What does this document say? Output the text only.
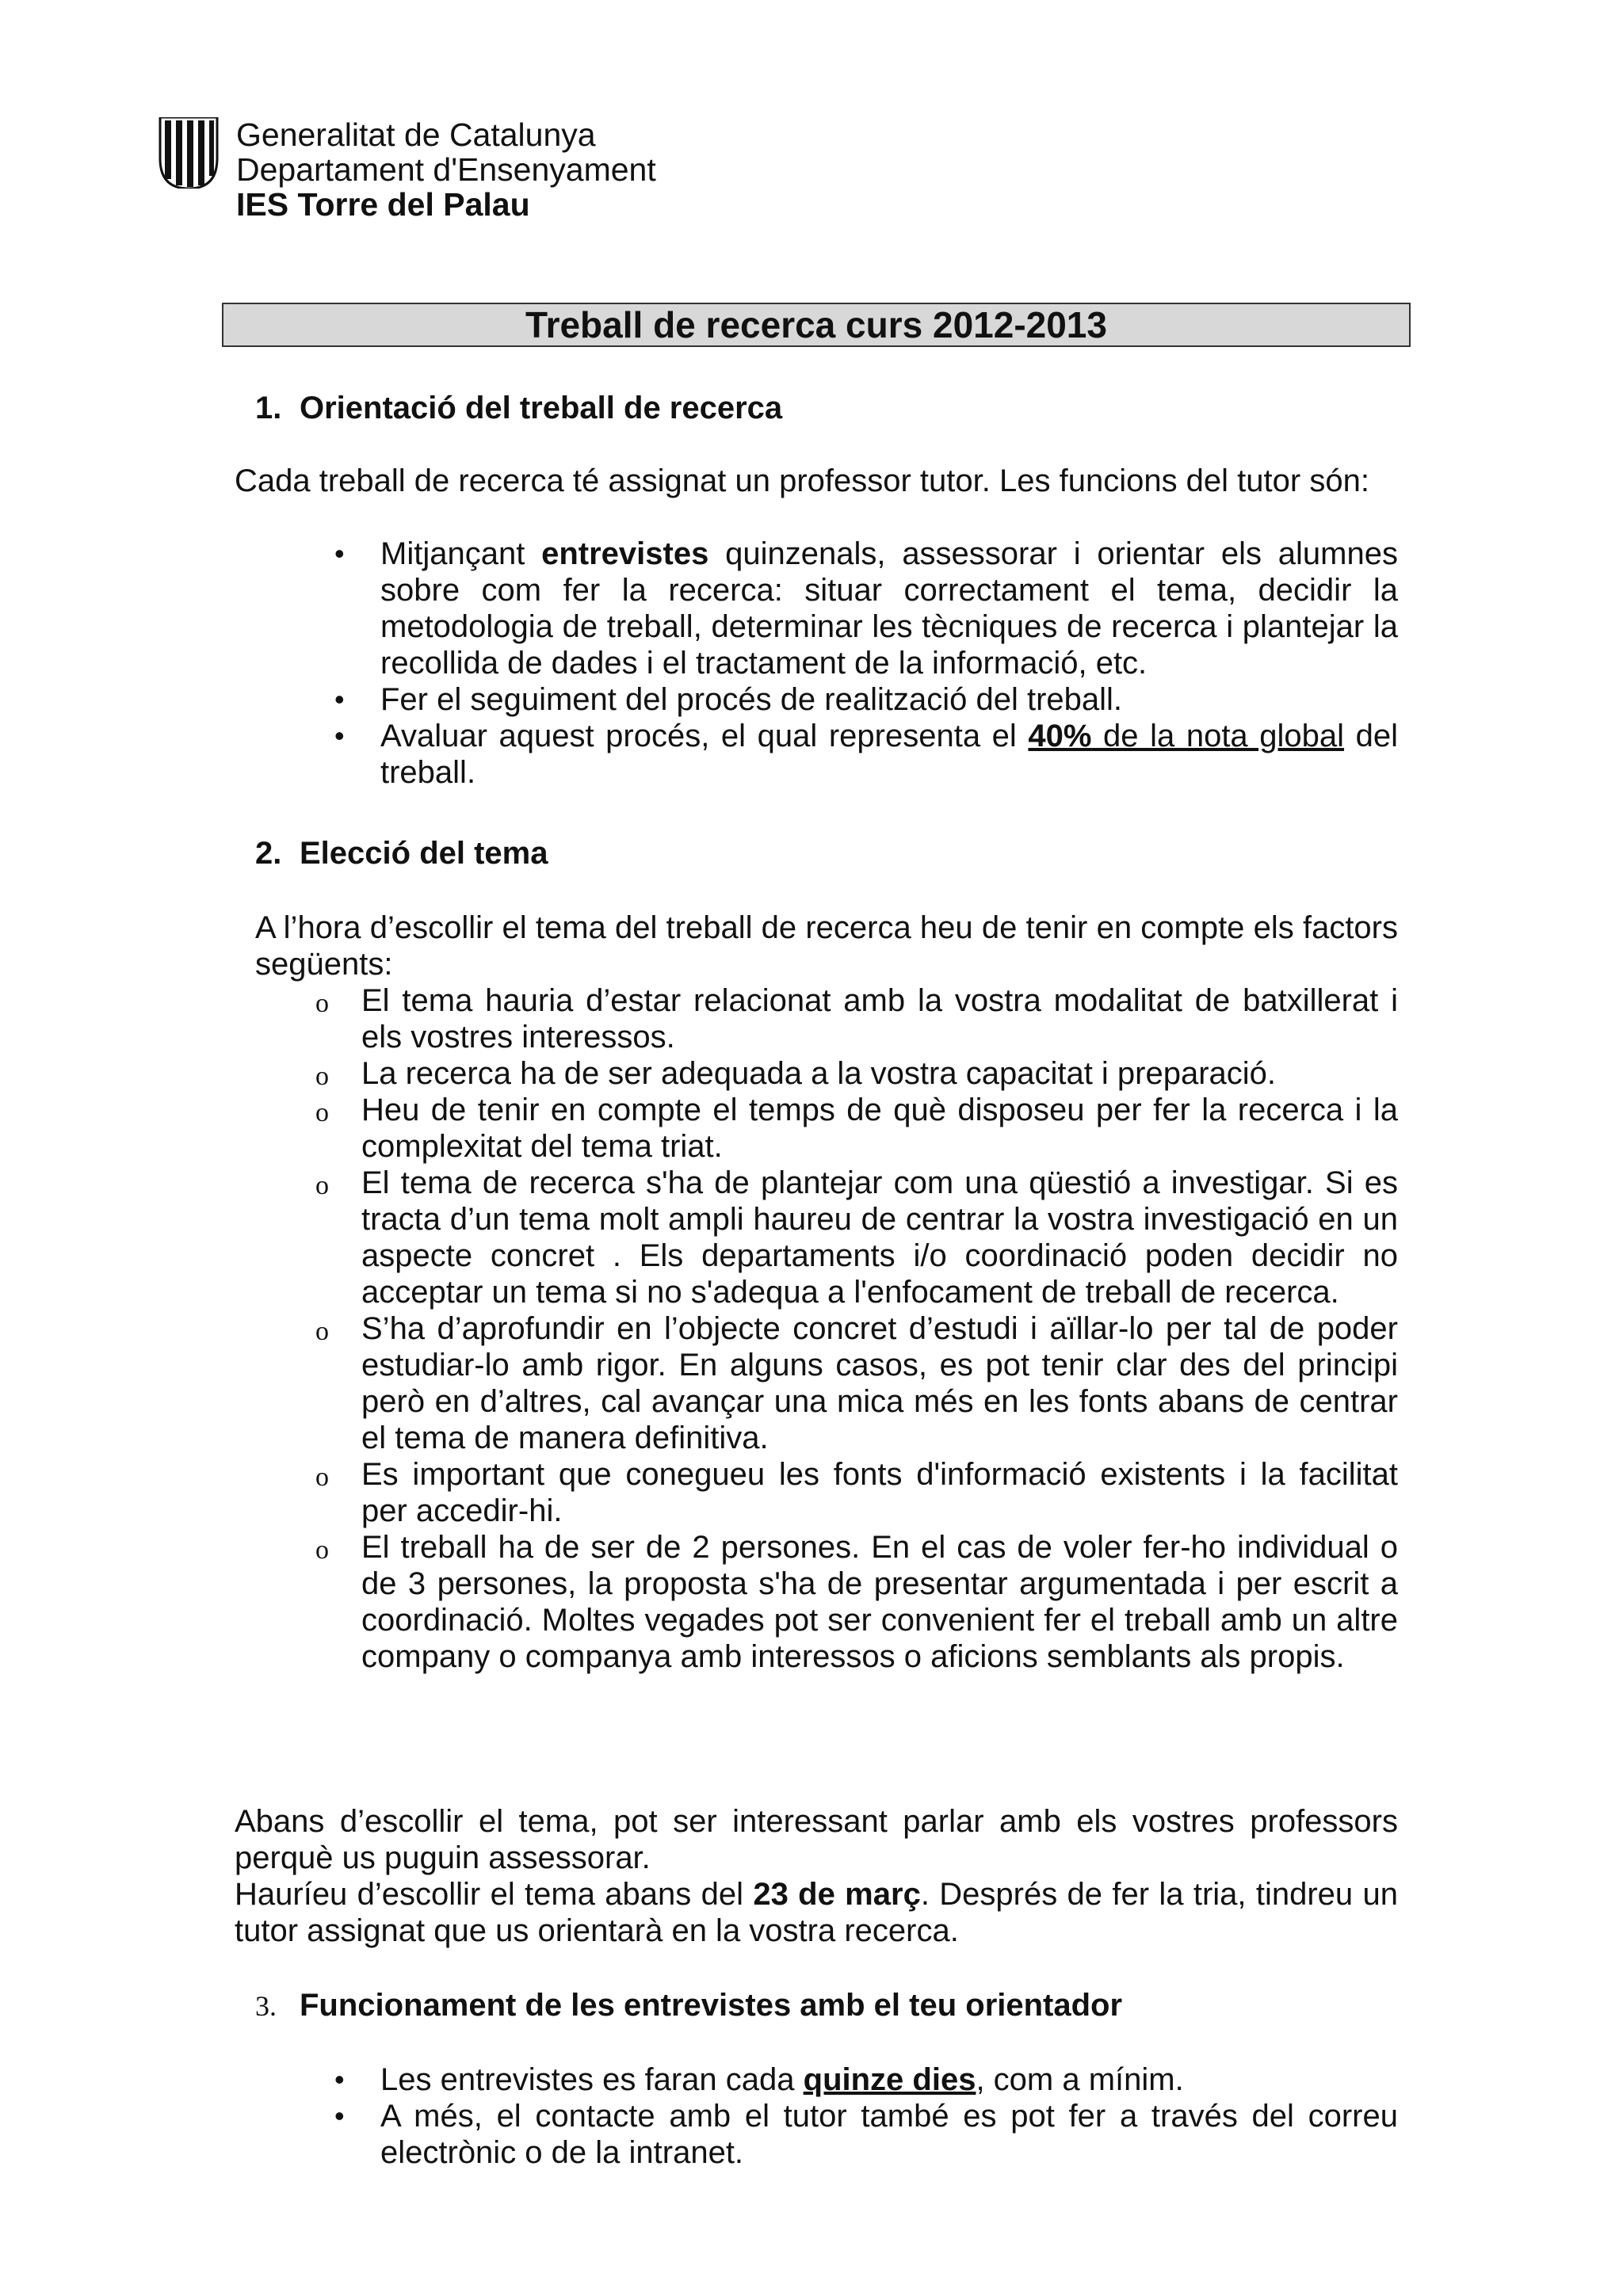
Generalitat de Catalunya
Departament d'Ensenyament
IES Torre del Palau
Treball de recerca curs 2012-2013
1. Orientació del treball de recerca
Cada treball de recerca té assignat un professor tutor. Les funcions del tutor són:
• Mitjançant entrevistes quinzenals, assessorar i orientar els alumnes sobre com fer la recerca: situar correctament el tema, decidir la metodologia de treball, determinar les tècniques de recerca i plantejar la recollida de dades i el tractament de la informació, etc.
• Fer el seguiment del procés de realització del treball.
• Avaluar aquest procés, el qual representa el 40% de la nota global del treball.
2. Elecció del tema
A l’hora d’escollir el tema del treball de recerca heu de tenir en compte els factors següents:
o El tema hauria d’estar relacionat amb la vostra modalitat de batxillerat i els vostres interessos.
o La recerca ha de ser adequada a la vostra capacitat i preparació.
o Heu de tenir en compte el temps de què disposeu per fer la recerca i la complexitat del tema triat.
o El tema de recerca s'ha de plantejar com una qüestió a investigar. Si es tracta d’un tema molt ampli haureu de centrar la vostra investigació en un aspecte concret . Els departaments i/o coordinació poden decidir no acceptar un tema si no s'adequa a l'enfocament de treball de recerca.
o S’ha d’aprofundir en l’objecte concret d’estudi i aïllar-lo per tal de poder estudiar-lo amb rigor. En alguns casos, es pot tenir clar des del principi però en d’altres, cal avançar una mica més en les fonts abans de centrar el tema de manera definitiva.
o Es important que conegueu les fonts d'informació existents i la facilitat per accedir-hi.
o El treball ha de ser de 2 persones. En el cas de voler fer-ho individual o de 3 persones, la proposta s'ha de presentar argumentada i per escrit a coordinació. Moltes vegades pot ser convenient fer el treball amb un altre company o companya amb interessos o aficions semblants als propis.
Abans d’escollir el tema, pot ser interessant parlar amb els vostres professors perquè us puguin assessorar.
Hauríeu d’escollir el tema abans del 23 de març. Després de fer la tria, tindreu un tutor assignat que us orientarà en la vostra recerca.
3. Funcionament de les entrevistes amb el teu orientador
• Les entrevistes es faran cada quinze dies, com a mínim.
• A més, el contacte amb el tutor també es pot fer a través del correu electrònic o de la intranet.
